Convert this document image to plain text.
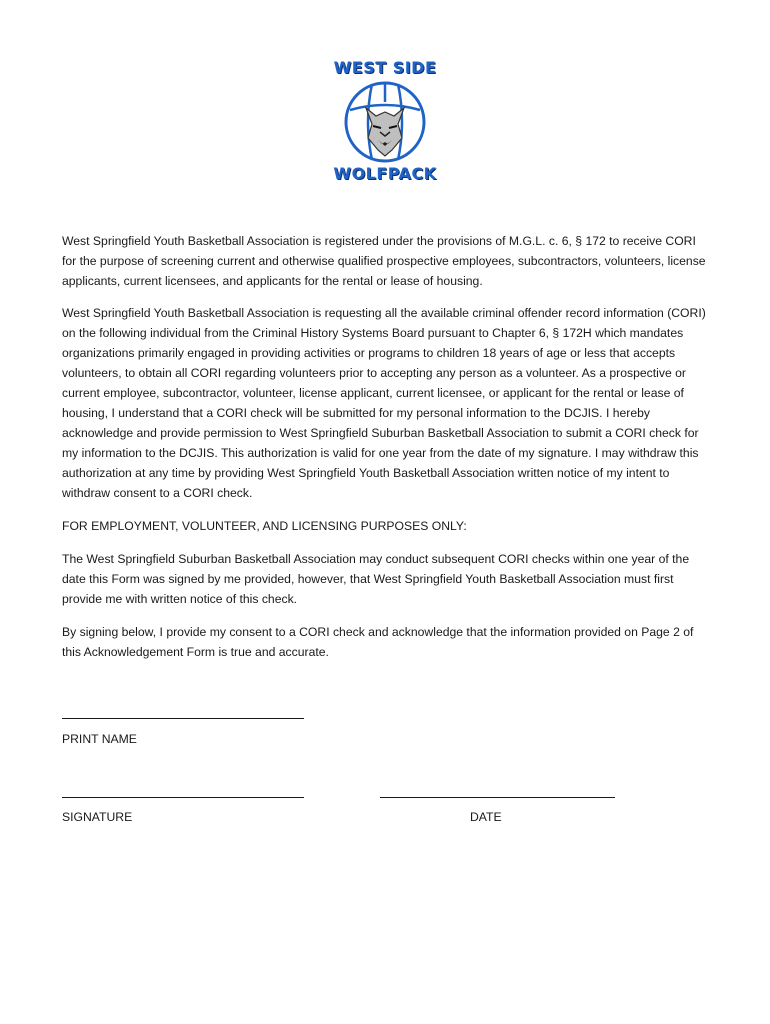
WEST SIDE
WOLFPACK

West Springfield Youth Basketball Association is registered under the provisions of M.G.L. c. 6, § 172 to receive CORI for the purpose of screening current and otherwise qualified prospective employees, subcontractors, volunteers, license applicants, current licensees, and applicants for the rental or lease of housing.

West Springfield Youth Basketball Association is requesting all the available criminal offender record information (CORI) on the following individual from the Criminal History Systems Board pursuant to Chapter 6, § 172H which mandates organizations primarily engaged in providing activities or programs to children 18 years of age or less that accepts volunteers, to obtain all CORI regarding volunteers prior to accepting any person as a volunteer. As a prospective or current employee, subcontractor, volunteer, license applicant, current licensee, or applicant for the rental or lease of housing, I understand that a CORI check will be submitted for my personal information to the DCJIS. I hereby acknowledge and provide permission to West Springfield Suburban Basketball Association to submit a CORI check for my information to the DCJIS. This authorization is valid for one year from the date of my signature. I may withdraw this authorization at any time by providing West Springfield Youth Basketball Association written notice of my intent to withdraw consent to a CORI check.

FOR EMPLOYMENT, VOLUNTEER, AND LICENSING PURPOSES ONLY:

The West Springfield Suburban Basketball Association may conduct subsequent CORI checks within one year of the date this Form was signed by me provided, however, that West Springfield Youth Basketball Association must first provide me with written notice of this check.

By signing below, I provide my consent to a CORI check and acknowledge that the information provided on Page 2 of this Acknowledgement Form is true and accurate.

PRINT NAME
SIGNATURE	DATE
